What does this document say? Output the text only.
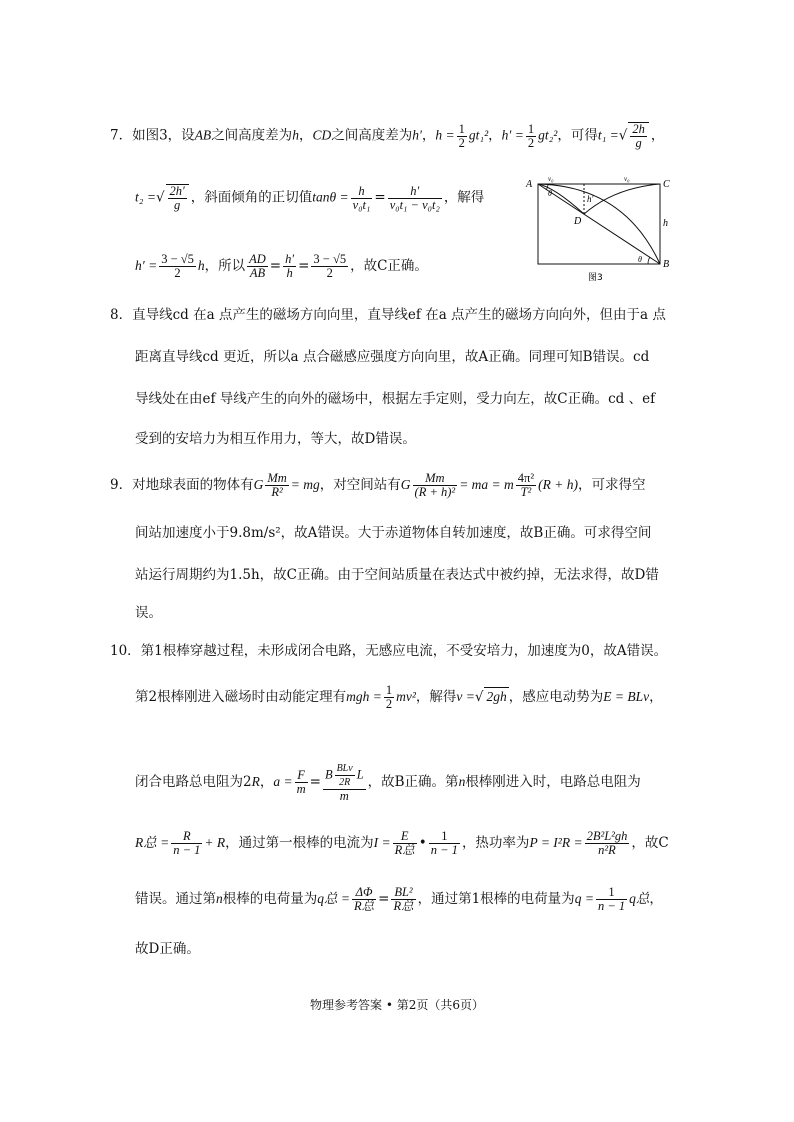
7．如图3，设AB之间高度差为h，CD之间高度差为h′，$h = \frac{1}{2} gt_1^2$，$h' = \frac{1}{2} gt_2^2$，可得t₁ =√ $\frac{2h}{g}$ ，
t₂ =√ $\frac{2h'}{g}$ ，斜面倾角的正切值$\tan\theta = \frac{h}{\text{v₀t₁}} = \frac{h'}{\text{v₀t₁ − v₀t₂}}$ ，解得
$h' = \frac{3 - √5}{2}$ h，所以 $\frac{AD}{AB} = \frac{h'}{h} = \frac{3 - √5}{2}$ ，故C正确。
A	C
D
B
h
h′
θ
θ
v₀	v₀
图3
8．直导线cd 在a 点产生的磁场方向向里，直导线ef 在a 点产生的磁场方向向外，但由于a 点
距离直导线cd 更近，所以a 点合磁感应强度方向向里，故A正确。同理可知B错误。cd
导线处在由ef 导线产生的向外的磁场中，根据左手定则，受力向左，故C正确。cd 、ef
受到的安培力为相互作用力，等大，故D错误。
9．对地球表面的物体有G $\frac{Mm}{\text{R²}}$ = mg，对空间站有G $\frac{Mm}{\text{(R + h)²}}$ = ma = m $\frac{\text{4π²}}{\text{T²}} (R + h)$，可求得空
间站加速度小于9.8m/s²，故A错误。大于赤道物体自转加速度，故B正确。可求得空间
站运行周期约为1.5h，故C正确。由于空间站质量在表达式中被约掉，无法求得，故D错
误。
10．第1根棒穿越过程，未形成闭合电路，无感应电流，不受安培力，加速度为0，故A错误。
第2根棒刚进入磁场时由动能定理有mgh = $\frac{1}{2} mv^2$，解得v =√ 2gh ，感应电动势为E = BLv，
闭合电路总电阻为2R，$a = \frac{F}{m} = \frac{B \frac{\text{BLv}}{2R} L}{m}$ ，故B正确。第n根棒刚进入时，电路总电阻为
R总 = $\frac{R}{n - 1} + R$，通过第一根棒的电流为$I = \frac{E}{\text{R总}}$ • $\frac{1}{n - 1}$ ，热功率为$P = I^2R = \frac{\text{2B²L²gh}}{\text{n²R}}$ ，故C
错误。通过第n根棒的电荷量为q总 = $\frac{\Delta\Phi}{\text{R总}} = \frac{\text{BL²}}{\text{R总}}$ ，通过第1根棒的电荷量为$q = \frac{1}{n - 1}$ q总，
故D正确。
物理参考答案 • 第2页（共6页）
